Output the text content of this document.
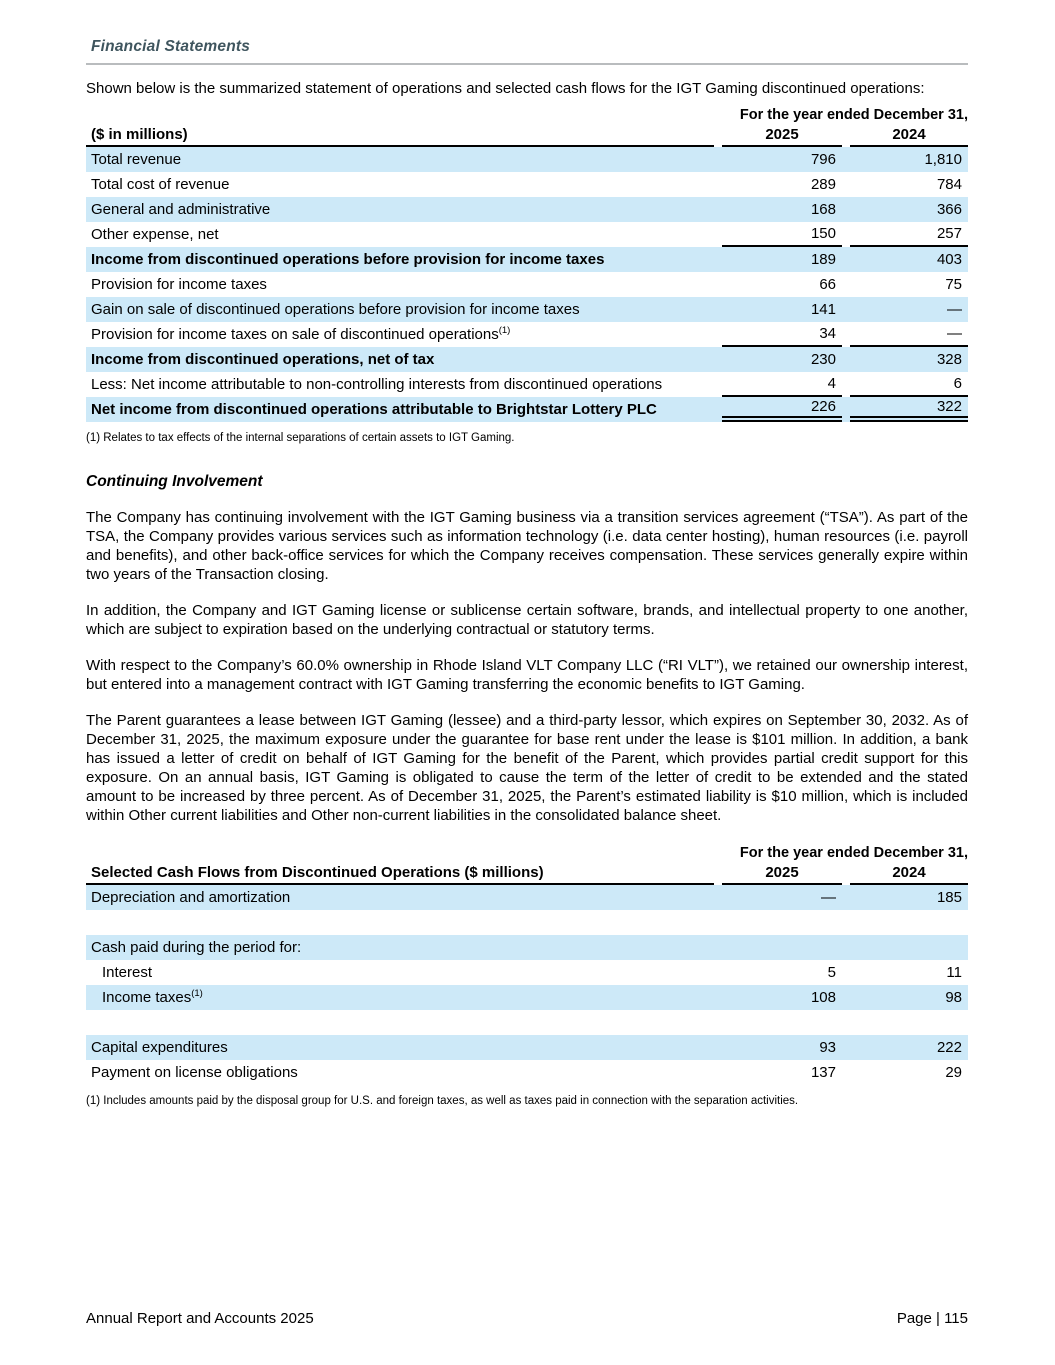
Financial Statements

Shown below is the summarized statement of operations and selected cash flows for the IGT Gaming discontinued operations:

For the year ended December 31,
($ in millions)	2025	2024
Total revenue	796	1,810
Total cost of revenue	289	784
General and administrative	168	366
Other expense, net	150	257
Income from discontinued operations before provision for income taxes	189	403
Provision for income taxes	66	75
Gain on sale of discontinued operations before provision for income taxes	141	—
Provision for income taxes on sale of discontinued operations$^{(1)}$	34	—
Income from discontinued operations, net of tax	230	328
Less: Net income attributable to non-controlling interests from discontinued operations	4	6
Net income from discontinued operations attributable to Brightstar Lottery PLC	226	322
(1) Relates to tax effects of the internal separations of certain assets to IGT Gaming.
Continuing Involvement

The Company has continuing involvement with the IGT Gaming business via a transition services agreement (“TSA”). As part of the TSA, the Company provides various services such as information technology (i.e. data center hosting), human resources (i.e. payroll and benefits), and other back-office services for which the Company receives compensation. These services generally expire within two years of the Transaction closing.

In addition, the Company and IGT Gaming license or sublicense certain software, brands, and intellectual property to one another, which are subject to expiration based on the underlying contractual or statutory terms.

With respect to the Company’s 60.0% ownership in Rhode Island VLT Company LLC (“RI VLT”), we retained our ownership interest, but entered into a management contract with IGT Gaming transferring the economic benefits to IGT Gaming.

The Parent guarantees a lease between IGT Gaming (lessee) and a third-party lessor, which expires on September 30, 2032. As of December 31, 2025, the maximum exposure under the guarantee for base rent under the lease is $101 million. In addition, a bank has issued a letter of credit on behalf of IGT Gaming for the benefit of the Parent, which provides partial credit support for this exposure. On an annual basis, IGT Gaming is obligated to cause the term of the letter of credit to be extended and the stated amount to be increased by three percent. As of December 31, 2025, the Parent’s estimated liability is $10 million, which is included within Other current liabilities and Other non-current liabilities in the consolidated balance sheet.

For the year ended December 31,
Selected Cash Flows from Discontinued Operations ($ millions)	2025	2024
Depreciation and amortization	—	185
Cash paid during the period for:
Interest	5	11
Income taxes$^{(1)}$	108	98
Capital expenditures	93	222
Payment on license obligations	137	29
(1) Includes amounts paid by the disposal group for U.S. and foreign taxes, as well as taxes paid in connection with the separation activities.
Annual Report and Accounts 2025	Page | 115
